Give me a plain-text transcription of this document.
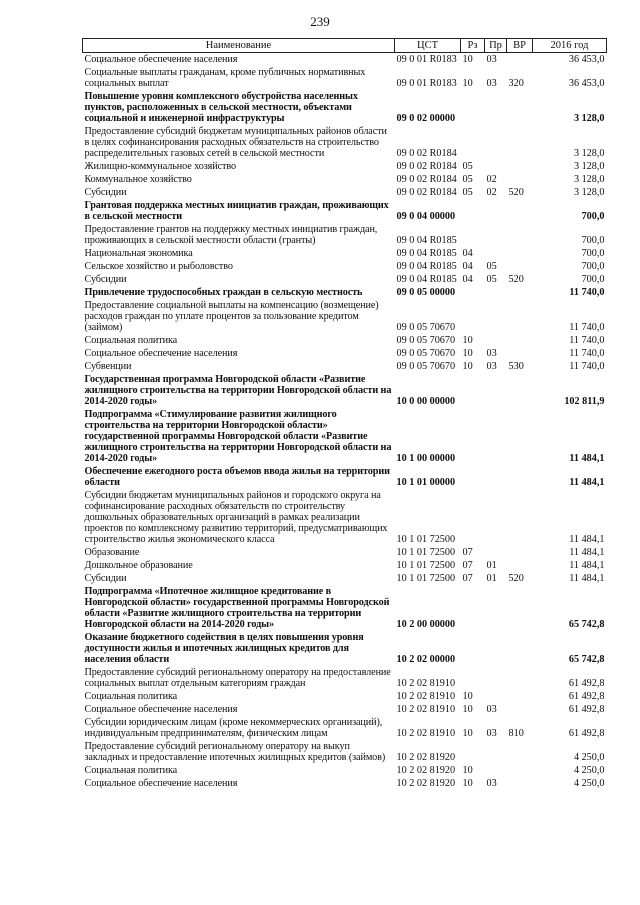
239
Наименование	ЦСТ	Рз	Пр	ВР	2016 год
Социальное обеспечение населения	09 0 01 R0183	10	03		36 453,0
Социальные выплаты гражданам, кроме публичных нормативных социальных выплат	09 0 01 R0183	10	03	320	36 453,0
Повышение уровня комплексного обустройства населенных пунктов, расположенных в сельской местности, объектами социальной и инженерной инфраструктуры	09 0 02 00000				3 128,0
Предоставление субсидий бюджетам муниципальных районов области в целях софинансирования расходных обязательств на строительство распределительных газовых сетей в сельской местности	09 0 02 R0184				3 128,0
Жилищно-коммунальное хозяйство	09 0 02 R0184	05			3 128,0
Коммунальное хозяйство	09 0 02 R0184	05	02		3 128,0
Субсидии	09 0 02 R0184	05	02	520	3 128,0
Грантовая поддержка местных инициатив граждан, проживающих в сельской местности	09 0 04 00000				700,0
Предоставление грантов на поддержку местных инициатив граждан, проживающих в сельской местности области (гранты)	09 0 04 R0185				700,0
Национальная экономика	09 0 04 R0185	04			700,0
Сельское хозяйство и рыболовство	09 0 04 R0185	04	05		700,0
Субсидии	09 0 04 R0185	04	05	520	700,0
Привлечение трудоспособных граждан в сельскую местность	09 0 05 00000				11 740,0
Предоставление социальной выплаты на компенсацию (возмещение) расходов граждан по уплате процентов за пользование кредитом (займом)	09 0 05 70670				11 740,0
Социальная политика	09 0 05 70670	10			11 740,0
Социальное обеспечение населения	09 0 05 70670	10	03		11 740,0
Субвенции	09 0 05 70670	10	03	530	11 740,0
Государственная программа Новгородской области «Развитие жилищного строительства на территории Новгородской области на 2014-2020 годы»	10 0 00 00000				102 811,9
Подпрограмма «Стимулирование развития жилищного строительства на территории Новгородской области» государственной программы Новгородской области «Развитие жилищного строительства на территории Новгородской области на 2014-2020 годы»	10 1 00 00000				11 484,1
Обеспечение ежегодного роста объемов ввода жилья на территории области	10 1 01 00000				11 484,1
Субсидии бюджетам муниципальных районов и городского округа на софинансирование расходных обязательств по строительству дошкольных образовательных организаций в рамках реализации проектов по комплексному развитию территорий, предусматривающих строительство жилья экономического класса	10 1 01 72500				11 484,1
Образование	10 1 01 72500	07			11 484,1
Дошкольное образование	10 1 01 72500	07	01		11 484,1
Субсидии	10 1 01 72500	07	01	520	11 484,1
Подпрограмма «Ипотечное жилищное кредитование в Новгородской области» государственной программы Новгородской области «Развитие жилищного строительства на территории Новгородской области на 2014-2020 годы»	10 2 00 00000				65 742,8
Оказание бюджетного содействия в целях повышения уровня доступности жилья и ипотечных жилищных кредитов для населения области	10 2 02 00000				65 742,8
Предоставление субсидий региональному оператору на предоставление социальных выплат отдельным категориям граждан	10 2 02 81910				61 492,8
Социальная политика	10 2 02 81910	10			61 492,8
Социальное обеспечение населения	10 2 02 81910	10	03		61 492,8
Субсидии юридическим лицам (кроме некоммерческих организаций), индивидуальным предпринимателям, физическим лицам	10 2 02 81910	10	03	810	61 492,8
Предоставление субсидий региональному оператору на выкуп закладных и предоставление ипотечных жилищных кредитов (займов)	10 2 02 81920				4 250,0
Социальная политика	10 2 02 81920	10			4 250,0
Социальное обеспечение населения	10 2 02 81920	10	03		4 250,0
